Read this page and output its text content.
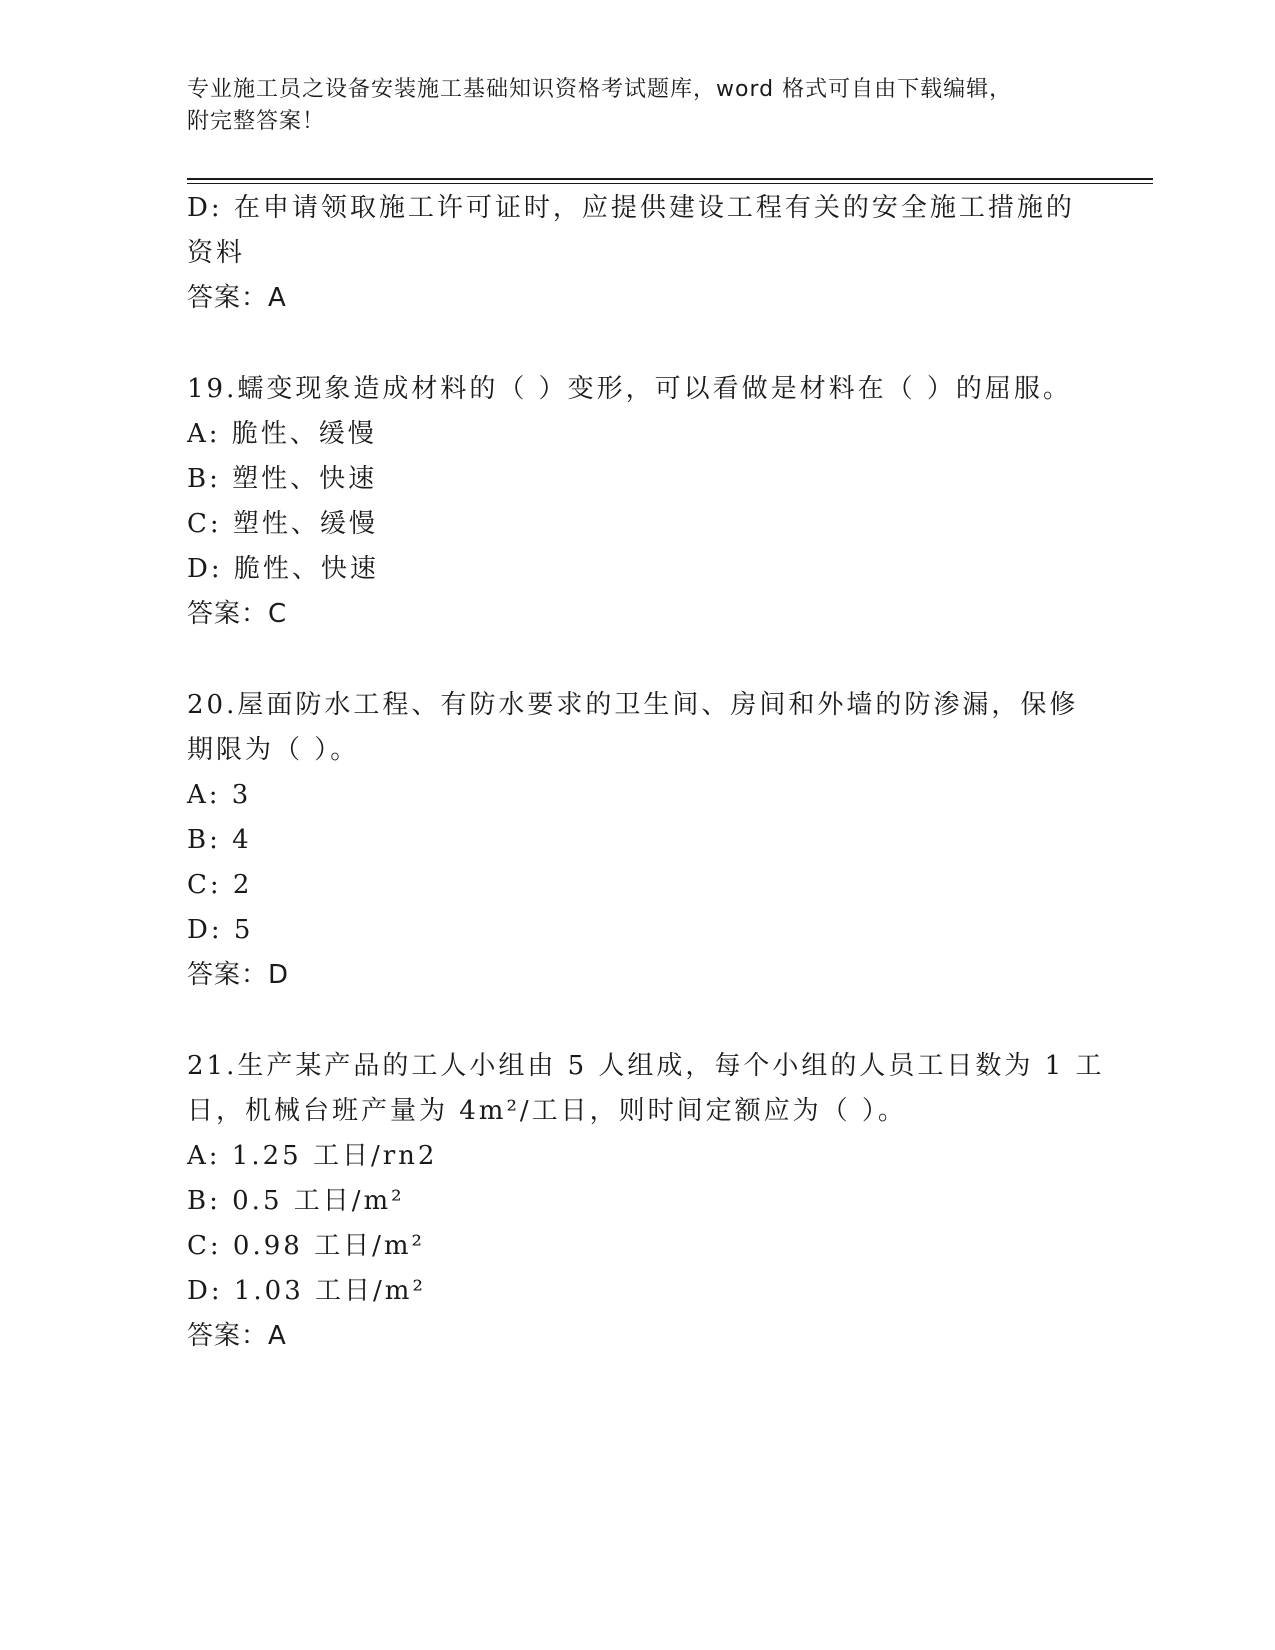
专业施工员之设备安装施工基础知识资格考试题库，word 格式可自由下载编辑，
附完整答案！
D: 在申请领取施工许可证时，应提供建设工程有关的安全施工措施的
资料
答案：A
19.蠕变现象造成材料的（ ）变形，可以看做是材料在（ ）的屈服。
A: 脆性、缓慢
B: 塑性、快速
C: 塑性、缓慢
D: 脆性、快速
答案：C
20.屋面防水工程、有防水要求的卫生间、房间和外墙的防渗漏，保修
期限为（ ）。
A: 3
B: 4
C: 2
D: 5
答案：D
21.生产某产品的工人小组由 5 人组成，每个小组的人员工日数为 1 工
日，机械台班产量为 4m²/工日，则时间定额应为（ ）。
A: 1.25 工日/rn2
B: 0.5 工日/m²
C: 0.98 工日/m²
D: 1.03 工日/m²
答案：A
